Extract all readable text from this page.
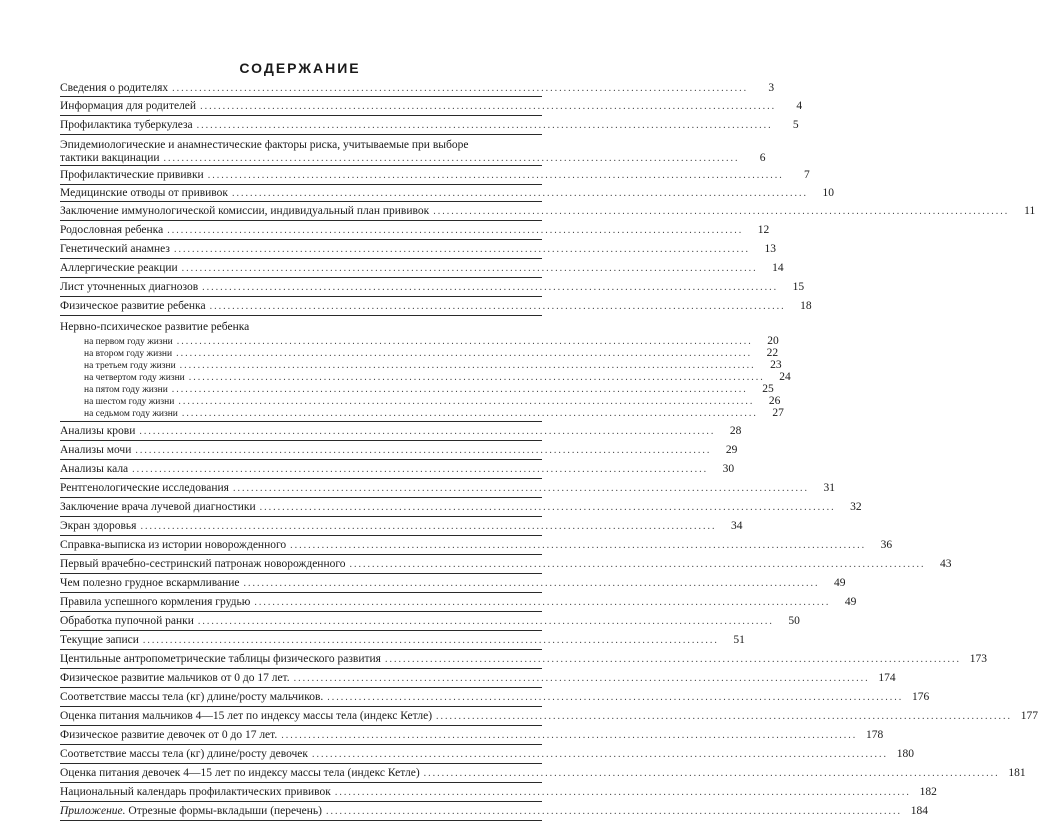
СОДЕРЖАНИЕ
Сведения о родителях ................................................................................................................................	3
Информация для родителей ................................................................................................................................	4
Профилактика туберкулеза ................................................................................................................................	5
Эпидемиологические и анамнестические факторы риска, учитываемые при выборе
тактики вакцинации ................................................................................................................................	6
Профилактические прививки ................................................................................................................................	7
Медицинские отводы от прививок ................................................................................................................................	10
Заключение иммунологической комиссии, индивидуальный план прививок ................................................................................................................................	11
Родословная ребенка ................................................................................................................................	12
Генетический анамнез ................................................................................................................................	13
Аллергические реакции ................................................................................................................................	14
Лист уточненных диагнозов ................................................................................................................................	15
Физическое развитие ребенка ................................................................................................................................	18
Нервно-психическое развитие ребенка
на первом году жизни ................................................................................................................................	20
на втором году жизни ................................................................................................................................	22
на третьем году жизни ................................................................................................................................	23
на четвертом году жизни ................................................................................................................................	24
на пятом году жизни ................................................................................................................................	25
на шестом году жизни ................................................................................................................................	26
на седьмом году жизни ................................................................................................................................	27
Анализы крови ................................................................................................................................	28
Анализы мочи ................................................................................................................................	29
Анализы кала ................................................................................................................................	30
Рентгенологические исследования ................................................................................................................................	31
Заключение врача лучевой диагностики ................................................................................................................................	32
Экран здоровья ................................................................................................................................	34
Справка-выписка из истории новорожденного ................................................................................................................................	36
Первый врачебно-сестринский патронаж новорожденного ................................................................................................................................	43
Чем полезно грудное вскармливание ................................................................................................................................	49
Правила успешного кормления грудью ................................................................................................................................	49
Обработка пупочной ранки ................................................................................................................................	50
Текущие записи ................................................................................................................................	51
Центильные антропометрические таблицы физического развития ................................................................................................................................ 173
Физическое развитие мальчиков от 0 до 17 лет. ................................................................................................................................ 174
Соответствие массы тела (кг) длине/росту мальчиков. ................................................................................................................................ 176
Оценка питания мальчиков 4—15 лет по индексу массы тела (индекс Кетле) ................................................................................................................................ 177
Физическое развитие девочек от 0 до 17 лет. ................................................................................................................................ 178
Соответствие массы тела (кг) длине/росту девочек ................................................................................................................................ 180
Оценка питания девочек 4—15 лет по индексу массы тела (индекс Кетле) ................................................................................................................................ 181
Национальный календарь профилактических прививок ................................................................................................................................ 182
Приложение. Отрезные формы-вкладыши (перечень) ................................................................................................................................ 184
